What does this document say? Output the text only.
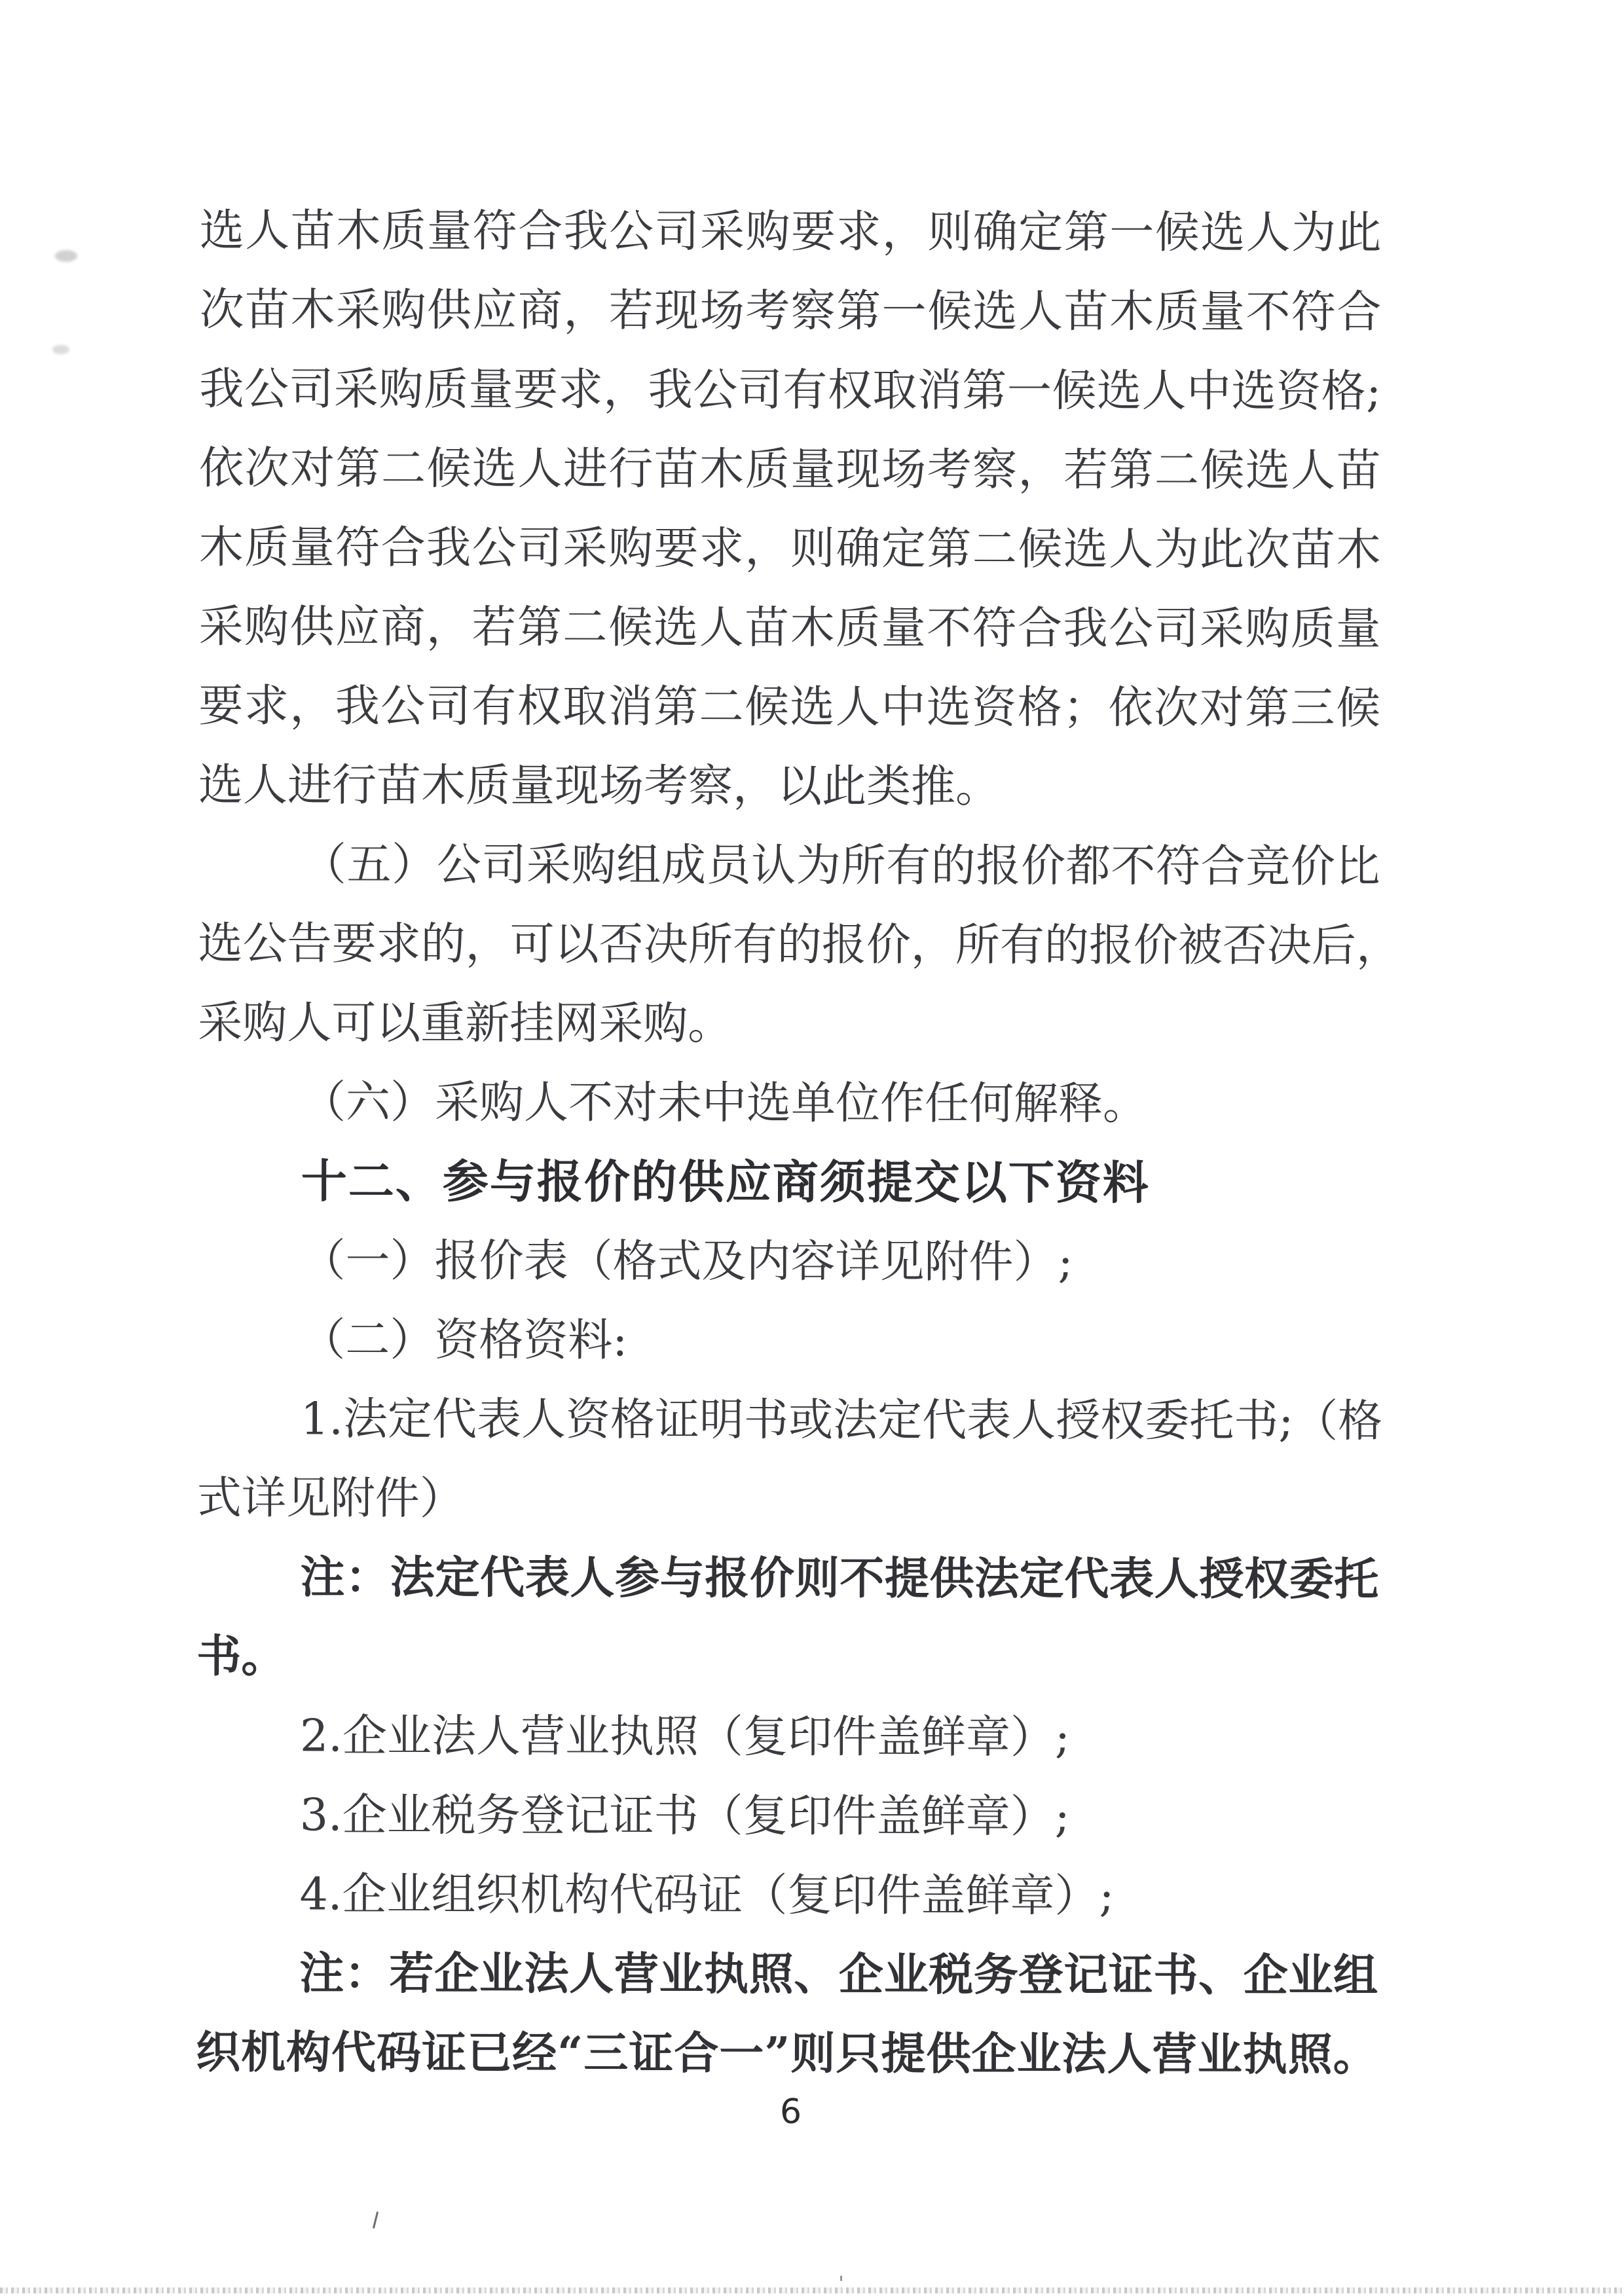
选 人 苗 木 质 量 符 合 我 公 司 采 购 要 求 ， 则 确 定 第 一 候 选 人 为 此
次 苗 木 采 购 供 应 商 ， 若 现 场 考 察 第 一 候 选 人 苗 木 质 量 不 符 合
我 公 司 采 购 质 量 要 求 ， 我 公 司 有 权 取 消 第 一 候 选 人 中 选 资 格 ;
依 次 对 第 二 候 选 人 进 行 苗 木 质 量 现 场 考 察 ， 若 第 二 候 选 人 苗
木 质 量 符 合 我 公 司 采 购 要 求 ， 则 确 定 第 二 候 选 人 为 此 次 苗 木
采 购 供 应 商 ， 若 第 二 候 选 人 苗 木 质 量 不 符 合 我 公 司 采 购 质 量
要 求 ， 我 公 司 有 权 取 消 第 二 候 选 人 中 选 资 格 ； 依 次 对 第 三 候
选人进行苗木质量现场考察，以此类推。
（ 五 ） 公 司 采 购 组 成 员 认 为 所 有 的 报 价 都 不 符 合 竞 价 比
选 公 告 要 求 的 ， 可 以 否 决 所 有 的 报 价 ， 所 有 的 报 价 被 否 决 后 ，
采购人可以重新挂网采购。
（六）采购人不对未中选单位作任何解释。
十二、参与报价的供应商须提交以下资料
（一）报价表（格式及内容详见附件）;
（二）资格资料:
1 . 法 定 代 表 人 资 格 证 明 书 或 法 定 代 表 人 授 权 委 托 书 ; （ 格
式详见附件）
注 ： 法 定 代 表 人 参 与 报 价 则 不 提 供 法 定 代 表 人 授 权 委 托
书。
2.企业法人营业执照（复印件盖鲜章）;
3.企业税务登记证书（复印件盖鲜章）;
4.企业组织机构代码证（复印件盖鲜章）;
注 ： 若 企 业 法 人 营 业 执 照 、 企 业 税 务 登 记 证 书 、 企 业 组
织 机 构 代 码 证 已 经 “ 三 证 合 一 ” 则 只 提 供 企 业 法 人 营 业 执 照 。
6
